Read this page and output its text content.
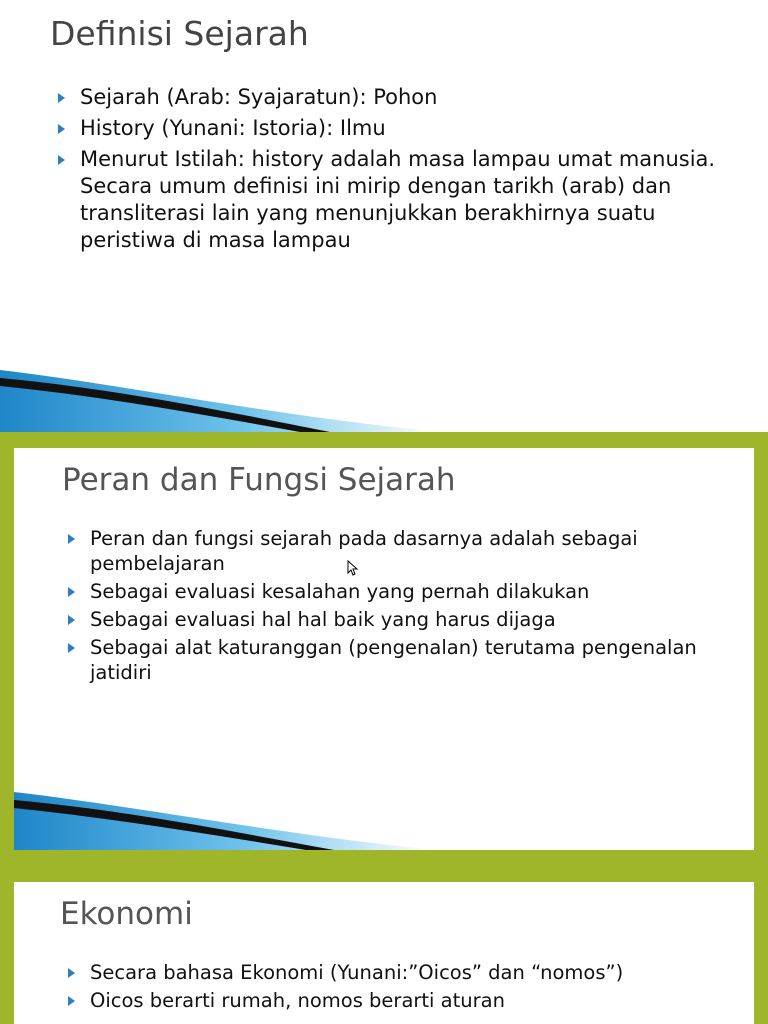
Definisi Sejarah
Sejarah (Arab: Syajaratun): Pohon
History (Yunani: Istoria): Ilmu
Menurut Istilah: history adalah masa lampau umat manusia. Secara umum definisi ini mirip dengan tarikh (arab) dan transliterasi lain yang menunjukkan berakhirnya suatu peristiwa di masa lampau
Peran dan Fungsi Sejarah
Peran dan fungsi sejarah pada dasarnya adalah sebagai pembelajaran
Sebagai evaluasi kesalahan yang pernah dilakukan
Sebagai evaluasi hal hal baik yang harus dijaga
Sebagai alat katuranggan (pengenalan) terutama pengenalan jatidiri
Ekonomi
Secara bahasa Ekonomi (Yunani:”Oicos” dan “nomos”)
Oicos berarti rumah, nomos berarti aturan
